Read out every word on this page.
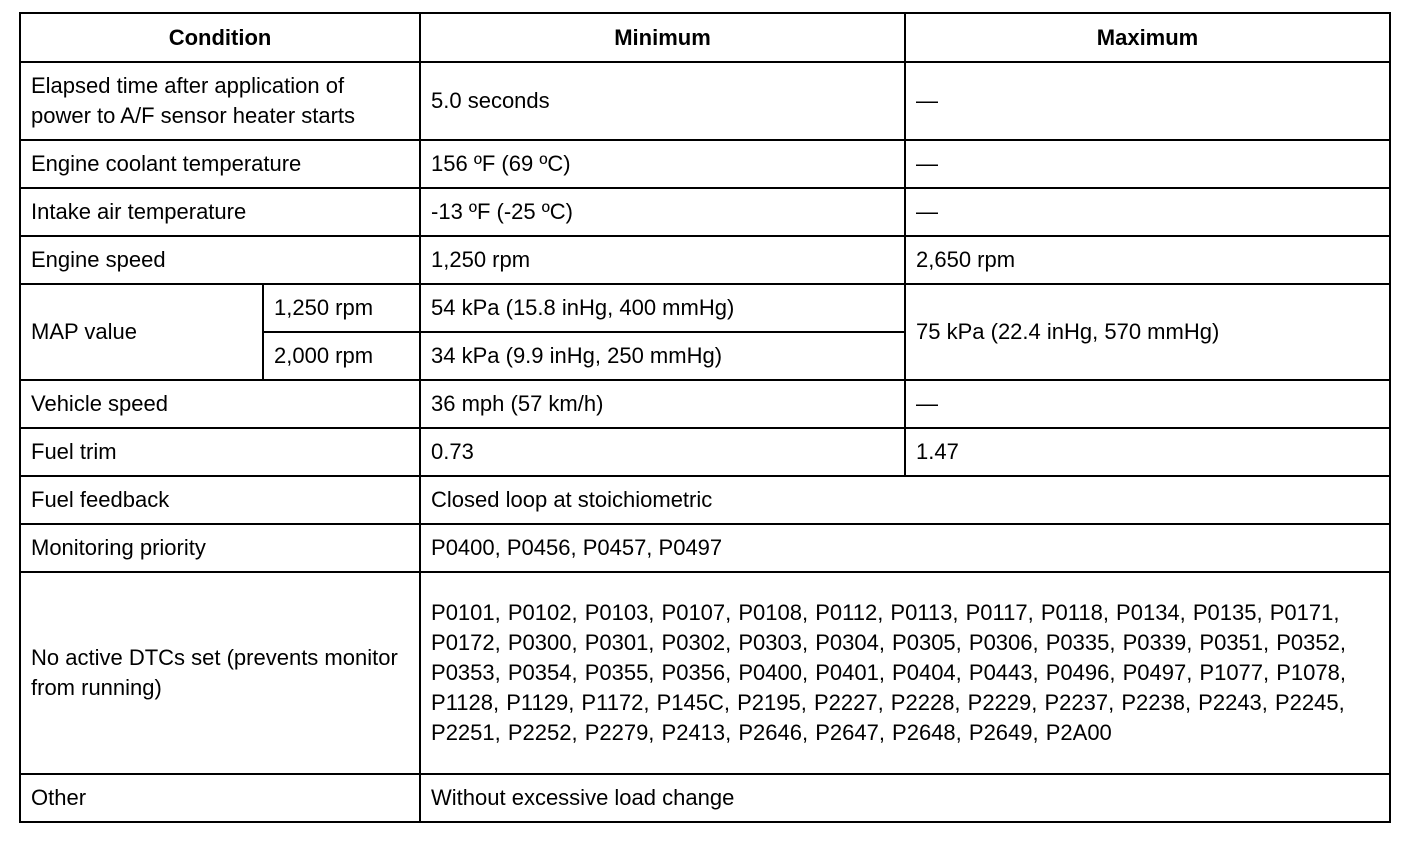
Condition		Minimum	Maximum
Elapsed time after application of power to A/F sensor heater starts		5.0 seconds	—
Engine coolant temperature		156 ºF (69 ºC)	—
Intake air temperature		-13 ºF (-25 ºC)	—
Engine speed		1,250 rpm	2,650 rpm
MAP value	1,250 rpm	54 kPa (15.8 inHg, 400 mmHg)	75 kPa (22.4 inHg, 570 mmHg)
	2,000 rpm	34 kPa (9.9 inHg, 250 mmHg)	
Vehicle speed		36 mph (57 km/h)	—
Fuel trim		0.73	1.47
Fuel feedback		Closed loop at stoichiometric	
Monitoring priority		P0400, P0456, P0457, P0497	
No active DTCs set (prevents monitor from running)		P0101, P0102, P0103, P0107, P0108, P0112, P0113, P0117, P0118, P0134, P0135, P0171, P0172, P0300, P0301, P0302, P0303, P0304, P0305, P0306, P0335, P0339, P0351, P0352, P0353, P0354, P0355, P0356, P0400, P0401, P0404, P0443, P0496, P0497, P1077, P1078, P1128, P1129, P1172, P145C, P2195, P2227, P2228, P2229, P2237, P2238, P2243, P2245, P2251, P2252, P2279, P2413, P2646, P2647, P2648, P2649, P2A00	
Other		Without excessive load change	
